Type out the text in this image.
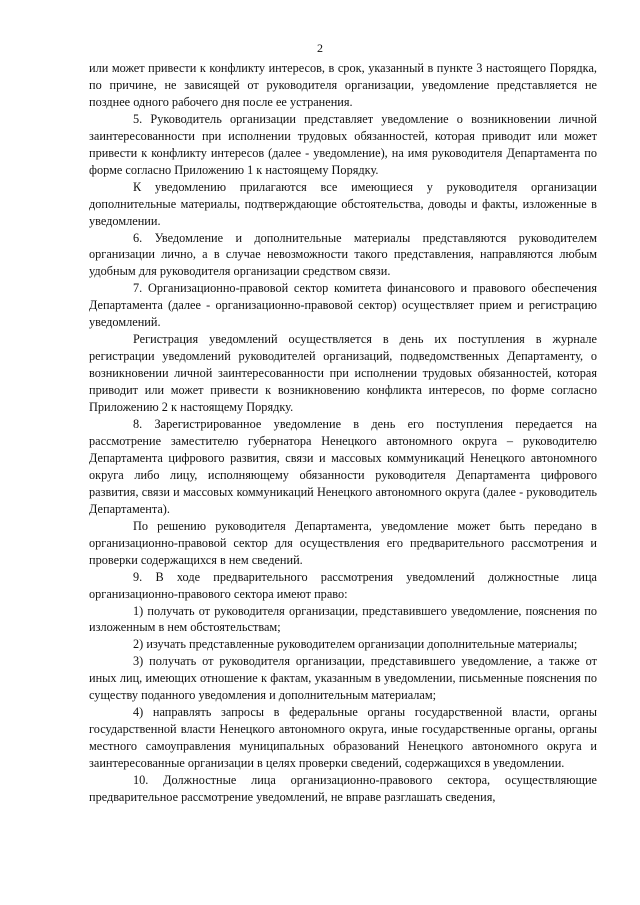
2

или может привести к конфликту интересов, в срок, указанный в пункте 3 настоящего Порядка, по причине, не зависящей от руководителя организации, уведомление представляется не позднее одного рабочего дня после ее устранения.

5. Руководитель организации представляет уведомление о возникновении личной заинтересованности при исполнении трудовых обязанностей, которая приводит или может привести к конфликту интересов (далее - уведомление), на имя руководителя Департамента по форме согласно Приложению 1 к настоящему Порядку.

К уведомлению прилагаются все имеющиеся у руководителя организации дополнительные материалы, подтверждающие обстоятельства, доводы и факты, изложенные в уведомлении.

6. Уведомление и дополнительные материалы представляются руководителем организации лично, а в случае невозможности такого представления, направляются любым удобным для руководителя организации средством связи.

7. Организационно-правовой сектор комитета финансового и правового обеспечения Департамента (далее - организационно-правовой сектор) осуществляет прием и регистрацию уведомлений.

Регистрация уведомлений осуществляется в день их поступления в журнале регистрации уведомлений руководителей организаций, подведомственных Департаменту, о возникновении личной заинтересованности при исполнении трудовых обязанностей, которая приводит или может привести к возникновению конфликта интересов, по форме согласно Приложению 2 к настоящему Порядку.

8. Зарегистрированное уведомление в день его поступления передается на рассмотрение заместителю губернатора Ненецкого автономного округа – руководителю Департамента цифрового развития, связи и массовых коммуникаций Ненецкого автономного округа либо лицу, исполняющему обязанности руководителя Департамента цифрового развития, связи и массовых коммуникаций Ненецкого автономного округа (далее - руководитель Департамента).

По решению руководителя Департамента, уведомление может быть передано в организационно-правовой сектор для осуществления его предварительного рассмотрения и проверки содержащихся в нем сведений.

9. В ходе предварительного рассмотрения уведомлений должностные лица организационно-правового сектора имеют право:

1) получать от руководителя организации, представившего уведомление, пояснения по изложенным в нем обстоятельствам;

2) изучать представленные руководителем организации дополнительные материалы;

3) получать от руководителя организации, представившего уведомление, а также от иных лиц, имеющих отношение к фактам, указанным в уведомлении, письменные пояснения по существу поданного уведомления и дополнительным материалам;

4) направлять запросы в федеральные органы государственной власти, органы государственной власти Ненецкого автономного округа, иные государственные органы, органы местного самоуправления муниципальных образований Ненецкого автономного округа и заинтересованные организации в целях проверки сведений, содержащихся в уведомлении.

10. Должностные лица организационно-правового сектора, осуществляющие предварительное рассмотрение уведомлений, не вправе разглашать сведения,
